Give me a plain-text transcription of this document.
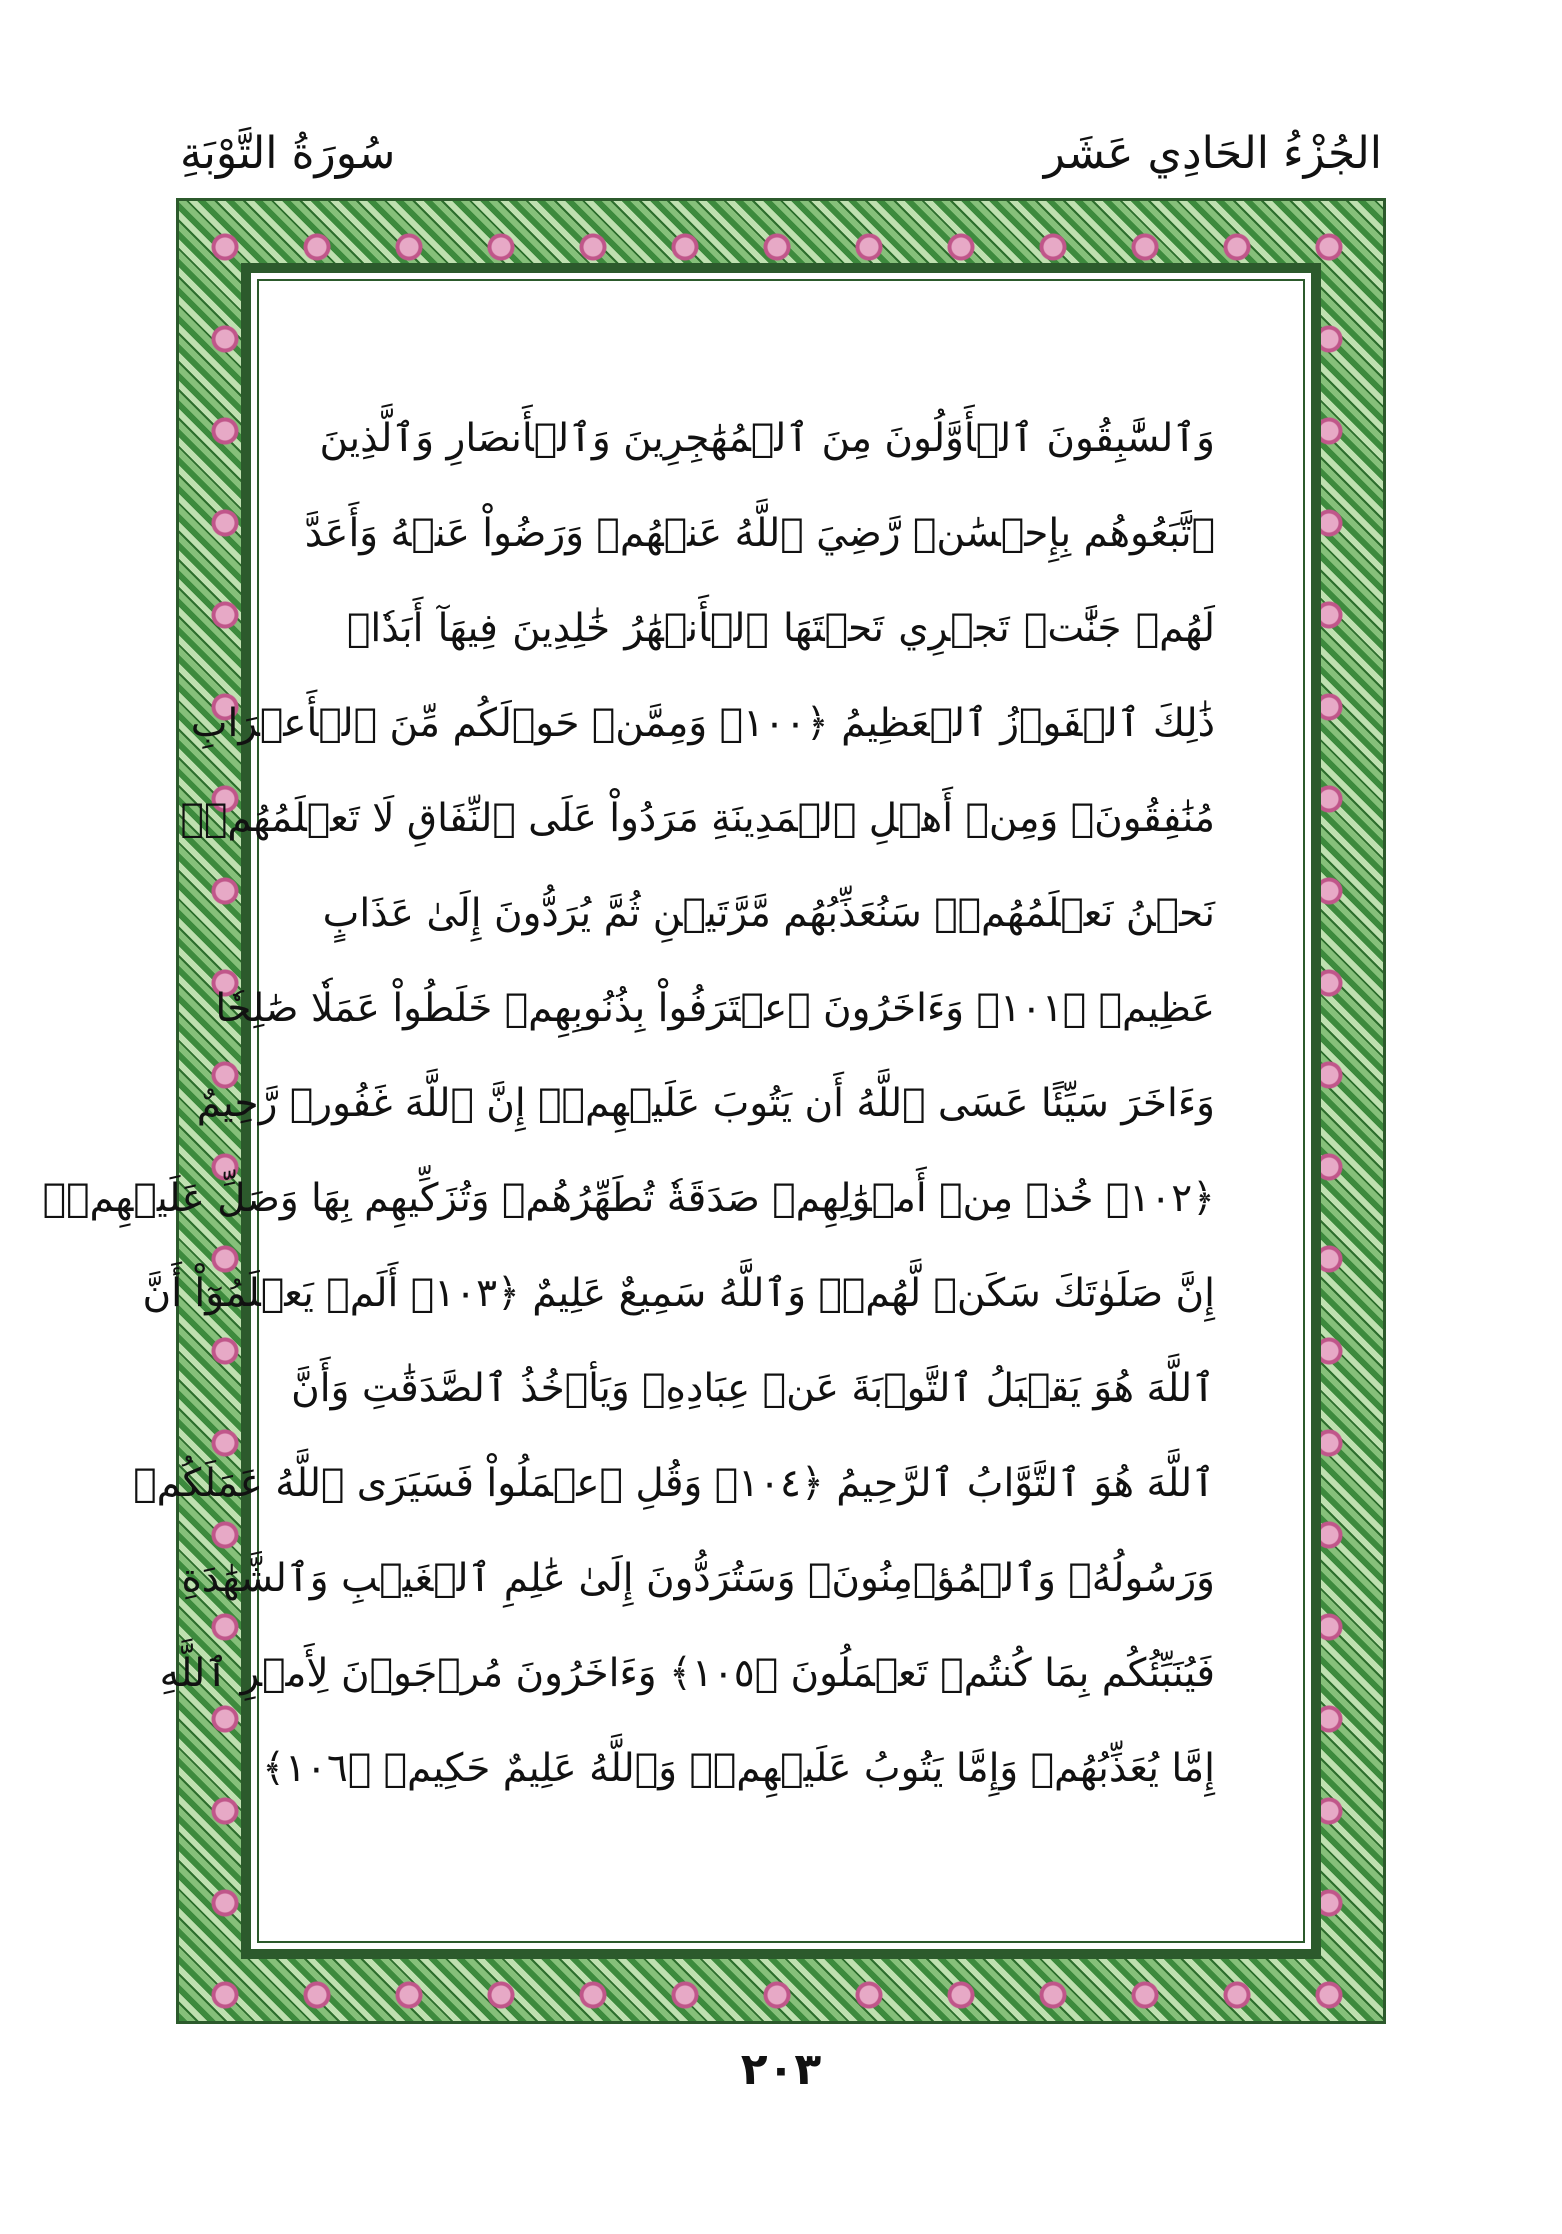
الجُزْءُ الحَادِي عَشَر
سُورَةُ التَّوْبَةِ
وَٱلسَّٰبِقُونَ ٱلۡأَوَّلُونَ مِنَ ٱلۡمُهَٰجِرِينَ وَٱلۡأَنصَارِ وَٱلَّذِينَ
ٱتَّبَعُوهُم بِإِحۡسَٰنٖ رَّضِيَ ٱللَّهُ عَنۡهُمۡ وَرَضُواْ عَنۡهُ وَأَعَدَّ
لَهُمۡ جَنَّٰتٖ تَجۡرِي تَحۡتَهَا ٱلۡأَنۡهَٰرُ خَٰلِدِينَ فِيهَآ أَبَدٗاۚ
ذَٰلِكَ ٱلۡفَوۡزُ ٱلۡعَظِيمُ ﴿١٠٠﴾ وَمِمَّنۡ حَوۡلَكُم مِّنَ ٱلۡأَعۡرَابِ
مُنَٰفِقُونَۖ وَمِنۡ أَهۡلِ ٱلۡمَدِينَةِ مَرَدُواْ عَلَى ٱلنِّفَاقِ لَا تَعۡلَمُهُمۡۖ
نَحۡنُ نَعۡلَمُهُمۡۚ سَنُعَذِّبُهُم مَّرَّتَيۡنِ ثُمَّ يُرَدُّونَ إِلَىٰ عَذَابٍ
عَظِيمٖ ﴿١٠١﴾ وَءَاخَرُونَ ٱعۡتَرَفُواْ بِذُنُوبِهِمۡ خَلَطُواْ عَمَلٗا صَٰلِحٗا
وَءَاخَرَ سَيِّئًا عَسَى ٱللَّهُ أَن يَتُوبَ عَلَيۡهِمۡۚ إِنَّ ٱللَّهَ غَفُورٞ رَّحِيمٌ
﴿١٠٢﴾ خُذۡ مِنۡ أَمۡوَٰلِهِمۡ صَدَقَةٗ تُطَهِّرُهُمۡ وَتُزَكِّيهِم بِهَا وَصَلِّ عَلَيۡهِمۡۖ
إِنَّ صَلَوٰتَكَ سَكَنٞ لَّهُمۡۗ وَٱللَّهُ سَمِيعٌ عَلِيمٌ ﴿١٠٣﴾ أَلَمۡ يَعۡلَمُوٓاْ أَنَّ
ٱللَّهَ هُوَ يَقۡبَلُ ٱلتَّوۡبَةَ عَنۡ عِبَادِهِۦ وَيَأۡخُذُ ٱلصَّدَقَٰتِ وَأَنَّ
ٱللَّهَ هُوَ ٱلتَّوَّابُ ٱلرَّحِيمُ ﴿١٠٤﴾ وَقُلِ ٱعۡمَلُواْ فَسَيَرَى ٱللَّهُ عَمَلَكُمۡ
وَرَسُولُهُۥ وَٱلۡمُؤۡمِنُونَۖ وَسَتُرَدُّونَ إِلَىٰ عَٰلِمِ ٱلۡغَيۡبِ وَٱلشَّهَٰدَةِ
فَيُنَبِّئُكُم بِمَا كُنتُمۡ تَعۡمَلُونَ ﴿١٠٥﴾ وَءَاخَرُونَ مُرۡجَوۡنَ لِأَمۡرِ ٱللَّهِ
إِمَّا يُعَذِّبُهُمۡ وَإِمَّا يَتُوبُ عَلَيۡهِمۡۗ وَٱللَّهُ عَلِيمٌ حَكِيمٞ ﴿١٠٦﴾
٢٠٣
